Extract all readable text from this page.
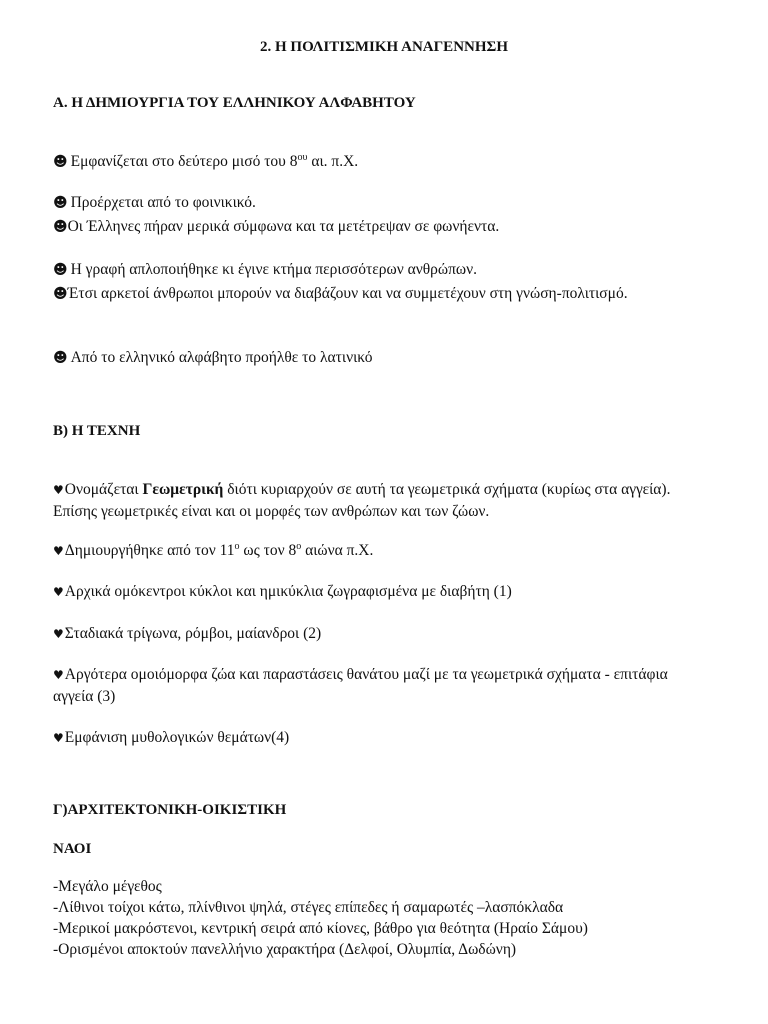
2. Η ΠΟΛΙΤΙΣΜΙΚΗ ΑΝΑΓΕΝΝΗΣΗ
Α. Η ΔΗΜΙΟΥΡΓΙΑ ΤΟΥ ΕΛΛΗΝΙΚΟΥ ΑΛΦΑΒΗΤΟΥ
☻ Εμφανίζεται στο δεύτερο μισό του $8^{o\upsilon}$ αι. π.Χ.
☻ Προέρχεται από το φοινικικό.
☻Οι Έλληνες πήραν μερικά σύμφωνα και τα μετέτρεψαν σε φωνήεντα.
☻ Η γραφή απλοποιήθηκε κι έγινε κτήμα περισσότερων ανθρώπων.
☻Έτσι αρκετοί άνθρωποι μπορούν να διαβάζουν και να συμμετέχουν στη γνώση-πολιτισμό.
☻ Από το ελληνικό αλφάβητο προήλθε το λατινικό
Β) Η ΤΕΧΝΗ
♥Ονομάζεται Γεωμετρική διότι κυριαρχούν σε αυτή τα γεωμετρικά σχήματα (κυρίως στα αγγεία). Επίσης γεωμετρικές είναι και οι μορφές των ανθρώπων και των ζώων.
♥Δημιουργήθηκε από τον $11^o$ ως τον $8^o$ αιώνα π.Χ.
♥Αρχικά ομόκεντροι κύκλοι και ημικύκλια ζωγραφισμένα με διαβήτη (1)
♥Σταδιακά τρίγωνα, ρόμβοι, μαίανδροι (2)
♥Αργότερα ομοιόμορφα ζώα και παραστάσεις θανάτου μαζί με τα γεωμετρικά σχήματα - επιτάφια αγγεία (3)
♥Εμφάνιση μυθολογικών θεμάτων(4)
Γ)ΑΡΧΙΤΕΚΤΟΝΙΚΗ-ΟΙΚΙΣΤΙΚΗ
ΝΑΟΙ
-Μεγάλο μέγεθος
-Λίθινοι τοίχοι κάτω, πλίνθινοι ψηλά, στέγες επίπεδες ή σαμαρωτές –λασπόκλαδα
-Μερικοί μακρόστενοι, κεντρική σειρά από κίονες, βάθρο για θεότητα (Ηραίο Σάμου)
-Ορισμένοι αποκτούν πανελλήνιο χαρακτήρα (Δελφοί, Ολυμπία, Δωδώνη)
